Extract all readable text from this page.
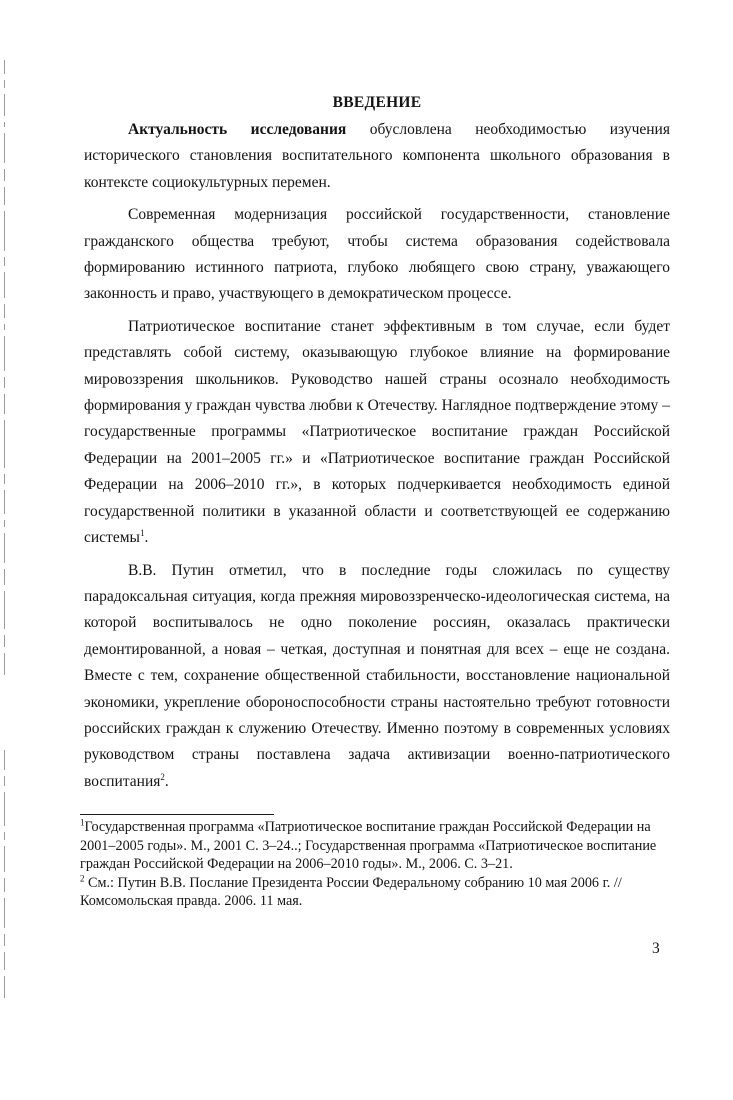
ВВЕДЕНИЕ

Актуальность исследования обусловлена необходимостью изучения исторического становления воспитательного компонента школьного образования в контексте социокультурных перемен.

Современная модернизация российской государственности, становление гражданского общества требуют, чтобы система образования содействовала формированию истинного патриота, глубоко любящего свою страну, уважающего законность и право, участвующего в демократическом процессе.

Патриотическое воспитание станет эффективным в том случае, если будет представлять собой систему, оказывающую глубокое влияние на формирование мировоззрения школьников. Руководство нашей страны осознало необходимость формирования у граждан чувства любви к Отечеству. Наглядное подтверждение этому – государственные программы «Патриотическое воспитание граждан Российской Федерации на 2001–2005 гг.» и «Патриотическое воспитание граждан Российской Федерации на 2006–2010 гг.», в которых подчеркивается необходимость единой государственной политики в указанной области и соответствующей ее содержанию системы$^1$.

В.В. Путин отметил, что в последние годы сложилась по существу парадоксальная ситуация, когда прежняя мировоззренческо-идеологическая система, на которой воспитывалось не одно поколение россиян, оказалась практически демонтированной, а новая – четкая, доступная и понятная для всех – еще не создана. Вместе с тем, сохранение общественной стабильности, восстановление национальной экономики, укрепление обороноспособности страны настоятельно требуют готовности российских граждан к служению Отечеству. Именно поэтому в современных условиях руководством страны поставлена задача активизации военно-патриотического воспитания$^2$.

$^1$Государственная программа «Патриотическое воспитание граждан Российской Федерации на 2001–2005 годы». М., 2001 С. 3–24..; Государственная программа «Патриотическое воспитание граждан Российской Федерации на 2006–2010 годы». М., 2006. С. 3–21.

$^2$ См.: Путин В.В. Послание Президента России Федеральному собранию 10 мая 2006 г. // Комсомольская правда. 2006. 11 мая.

3
